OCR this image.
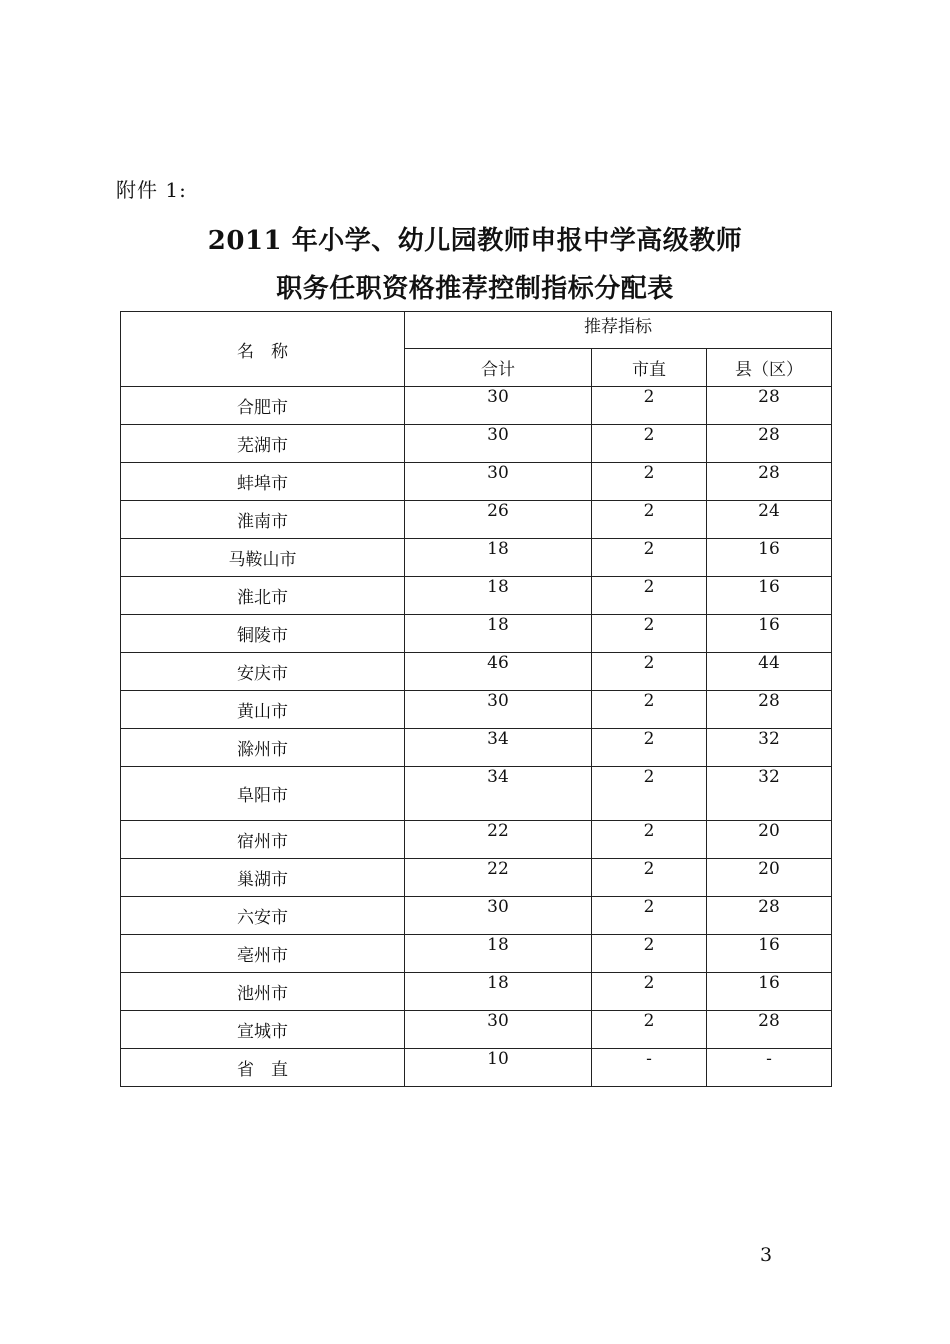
附件 1:
2011 年小学、幼儿园教师申报中学高级教师
职务任职资格推荐控制指标分配表
名　称	推荐指标		
	合计	市直	县（区）
合肥市	30	2	28
芜湖市	30	2	28
蚌埠市	30	2	28
淮南市	26	2	24
马鞍山市	18	2	16
淮北市	18	2	16
铜陵市	18	2	16
安庆市	46	2	44
黄山市	30	2	28
滁州市	34	2	32
阜阳市	34	2	32
宿州市	22	2	20
巢湖市	22	2	20
六安市	30	2	28
亳州市	18	2	16
池州市	18	2	16
宣城市	30	2	28
省　直	10	-	-
3
